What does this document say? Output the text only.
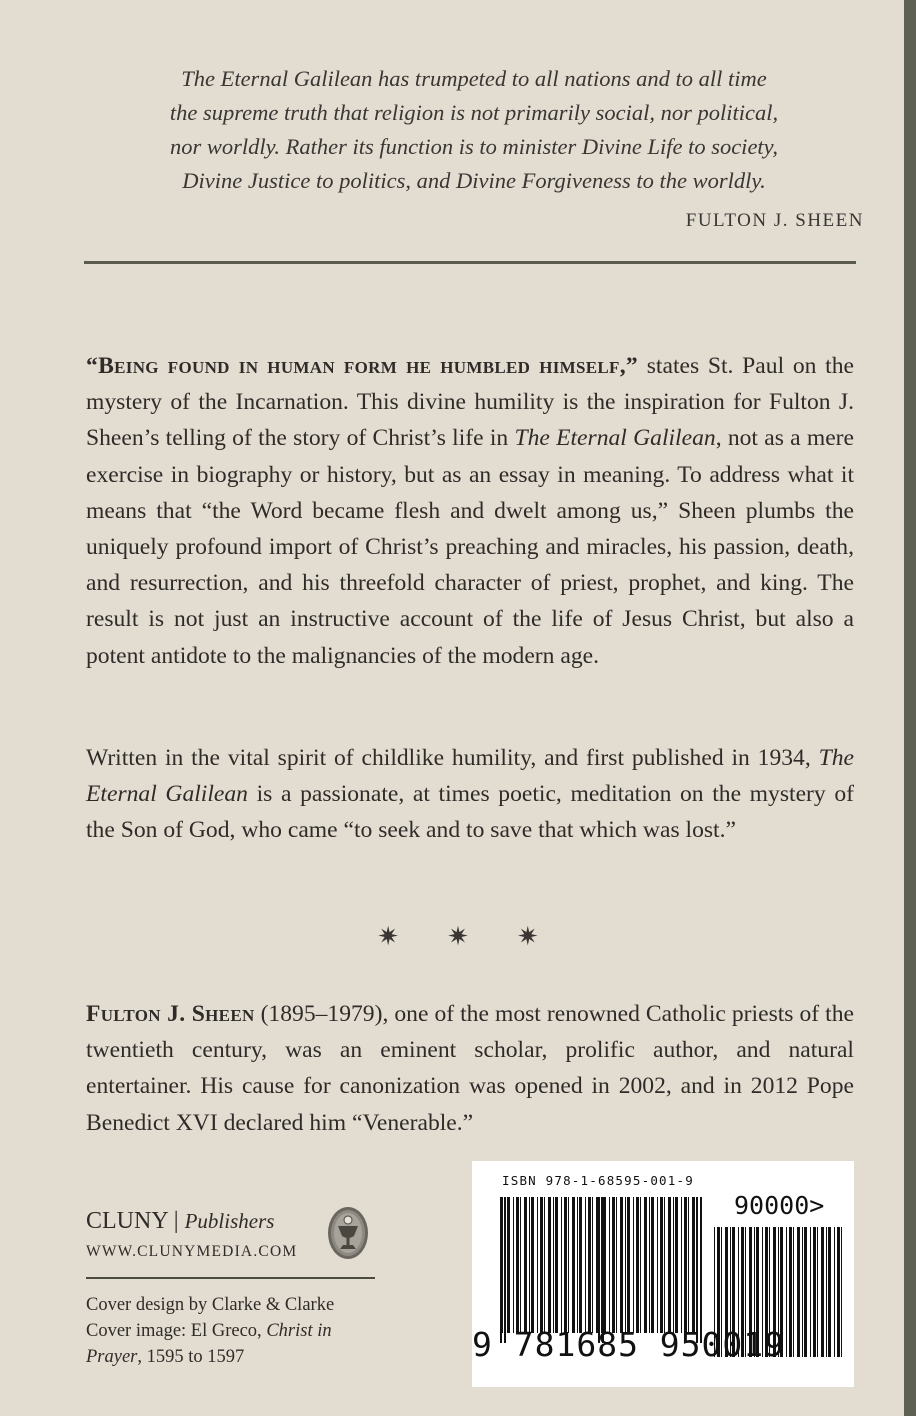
The Eternal Galilean has trumpeted to all nations and to all time

the supreme truth that religion is not primarily social, nor political,

nor worldly. Rather its function is to minister Divine Life to society,

Divine Justice to politics, and Divine Forgiveness to the worldly.

FULTON J. SHEEN

“Being found in human form he humbled himself,” states St. Paul on the mystery of the Incarnation. This divine humility is the inspiration for Fulton J. Sheen’s telling of the story of Christ’s life in The Eternal Galilean, not as a mere exercise in biography or history, but as an essay in meaning. To address what it means that “the Word became flesh and dwelt among us,” Sheen plumbs the uniquely profound import of Christ’s preaching and miracles, his passion, death, and resurrection, and his threefold character of priest, prophet, and king. The result is not just an instructive account of the life of Jesus Christ, but also a potent antidote to the malignancies of the modern age.

Written in the vital spirit of childlike humility, and first published in 1934, The Eternal Galilean is a passionate, at times poetic, meditation on the mystery of the Son of God, who came “to seek and to save that which was lost.”

✷ ✷ ✷

Fulton J. Sheen (1895–1979), one of the most renowned Catholic priests of the twentieth century, was an eminent scholar, prolific author, and natural entertainer. His cause for canonization was opened in 2002, and in 2012 Pope Benedict XVI declared him “Venerable.”

CLUNY | Publishers
WWW.CLUNYMEDIA.COM

Cover design by Clarke & Clarke

Cover image: El Greco, Christ in Prayer, 1595 to 1597

ISBN 978-1-68595-001-9
90000>
9 781685 950019
